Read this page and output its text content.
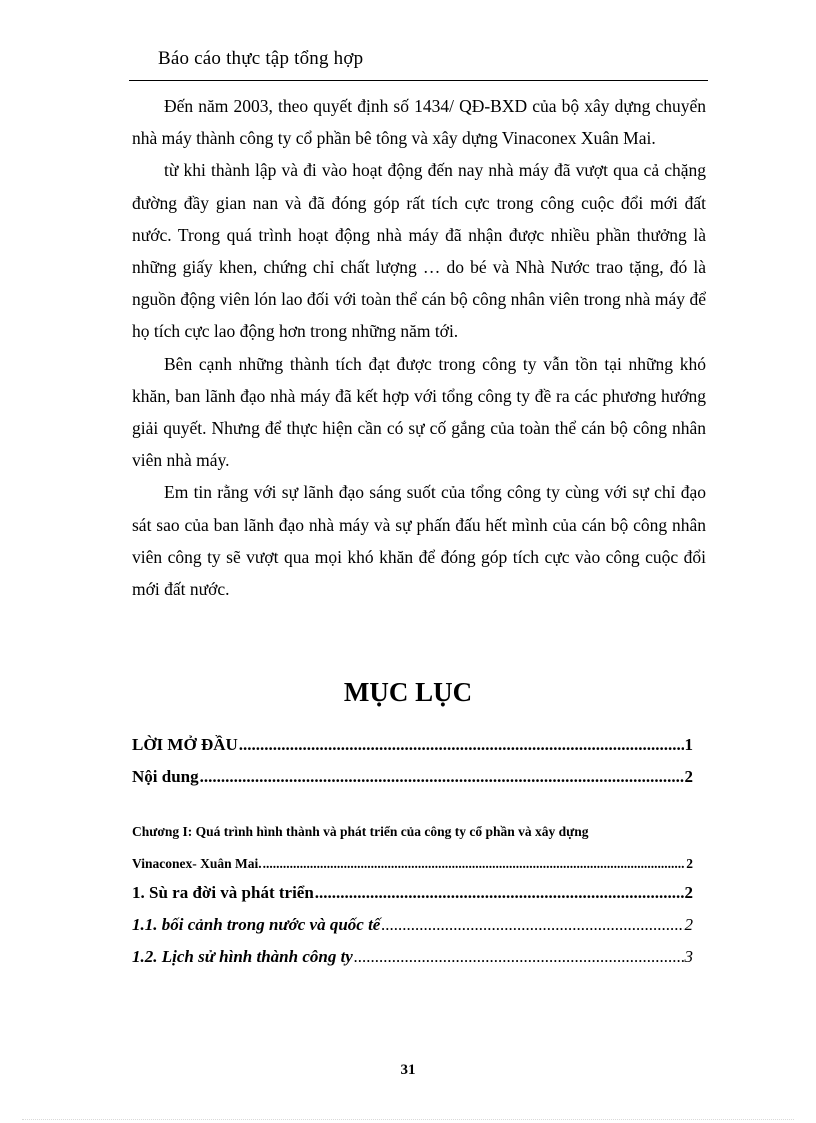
Báo cáo thực tập tổng hợp

Đến năm 2003, theo quyết định số 1434/ QĐ-BXD của bộ xây dựng chuyển nhà máy thành công ty cổ phần bê tông và xây dựng Vinaconex Xuân Mai.

từ khi thành lập và đi vào hoạt động đến nay nhà máy đã vượt qua cả chặng đường đầy gian nan và đã đóng góp rất tích cực trong công cuộc đổi mới đất nước. Trong quá trình hoạt động nhà máy đã nhận được nhiều phần thưởng là những giấy khen, chứng chỉ chất lượng … do bé và Nhà Nước trao tặng, đó là nguồn động viên lón lao đối với toàn thể cán bộ công nhân viên trong nhà máy để họ tích cực lao động hơn trong những năm tới.

Bên cạnh những thành tích đạt được trong công ty vẫn tồn tại những khó khăn, ban lãnh đạo nhà máy đã kết hợp với tổng công ty đề ra các phương hướng giải quyết. Nhưng để thực hiện cần có sự cố gắng của toàn thể cán bộ công nhân viên nhà máy.

Em tin rằng với sự lãnh đạo sáng suốt của tổng công ty cùng với sự chỉ đạo sát sao của ban lãnh đạo nhà máy và sự phấn đấu hết mình của cán bộ công nhân viên công ty sẽ vượt qua mọi khó khăn để đóng góp tích cực vào công cuộc đổi mới đất nước.

MỤC LỤC
LỜI MỞ ĐẦU .....	1
Nội dung .....	2
Chương I: Quá trình hình thành và phát triển của công ty cổ phần và xây dựng
Vinaconex- Xuân Mai. .....	2
1. Sù ra đời và phát triển .....	2
1.1. bối cảnh trong nước và quốc tế .....	2
1.2. Lịch sử hình thành công ty .....	3
31
